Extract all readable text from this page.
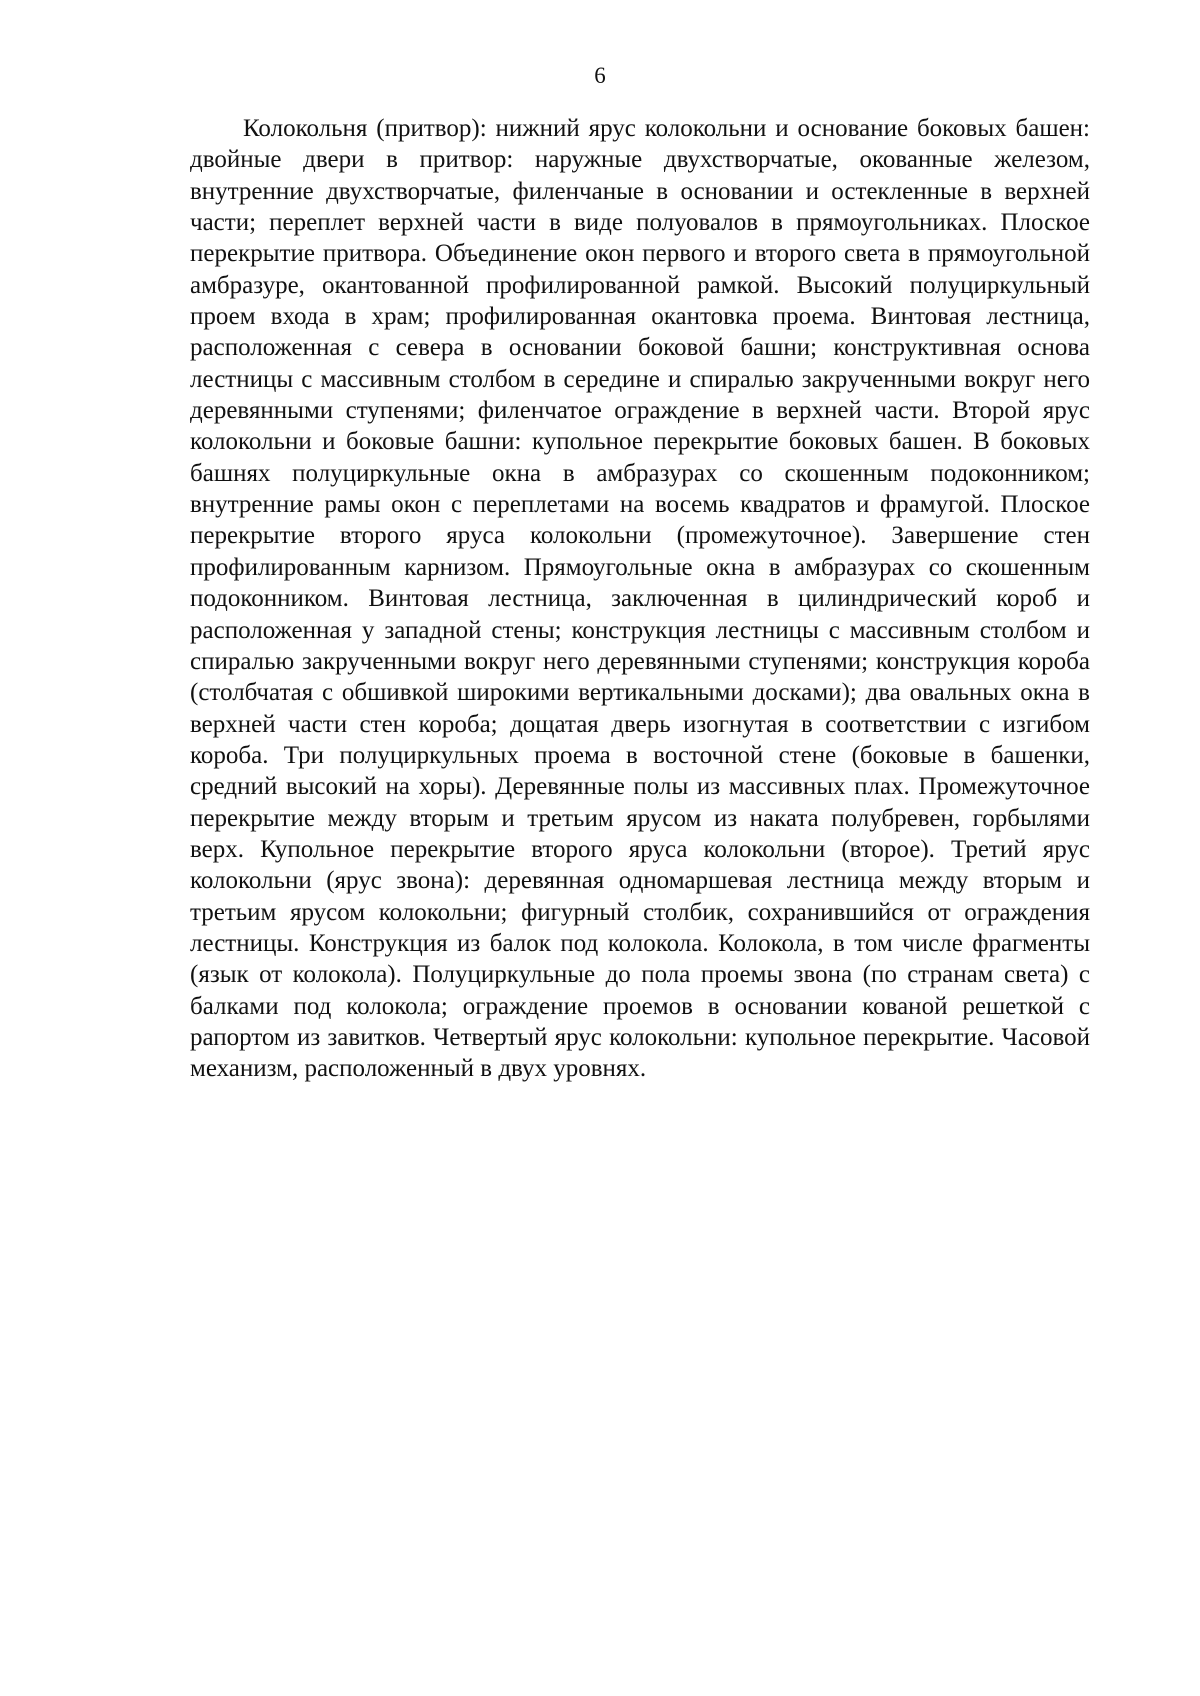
6

Колокольня (притвор): нижний ярус колокольни и основание боковых башен: двойные двери в притвор: наружные двухстворчатые, окованные железом, внутренние двухстворчатые, филенчаные в основании и остекленные в верхней части; переплет верхней части в виде полуовалов в прямоугольниках. Плоское перекрытие притвора. Объединение окон первого и второго света в прямоугольной амбразуре, окантованной профилированной рамкой. Высокий полуциркульный проем входа в храм; профилированная окантовка проема. Винтовая лестница, расположенная с севера в основании боковой башни; конструктивная основа лестницы с массивным столбом в середине и спиралью закрученными вокруг него деревянными ступенями; филенчатое ограждение в верхней части. Второй ярус колокольни и боковые башни: купольное перекрытие боковых башен. В боковых башнях полуциркульные окна в амбразурах со скошенным подоконником; внутренние рамы окон с переплетами на восемь квадратов и фрамугой. Плоское перекрытие второго яруса колокольни (промежуточное). Завершение стен профилированным карнизом. Прямоугольные окна в амбразурах со скошенным подоконником. Винтовая лестница, заключенная в цилиндрический короб и расположенная у западной стены; конструкция лестницы с массивным столбом и спиралью закрученными вокруг него деревянными ступенями; конструкция короба (столбчатая с обшивкой широкими вертикальными досками); два овальных окна в верхней части стен короба; дощатая дверь изогнутая в соответствии с изгибом короба. Три полуциркульных проема в восточной стене (боковые в башенки, средний высокий на хоры). Деревянные полы из массивных плах. Промежуточное перекрытие между вторым и третьим ярусом из наката полубревен, горбылями верх. Купольное перекрытие второго яруса колокольни (второе). Третий ярус колокольни (ярус звона): деревянная одномаршевая лестница между вторым и третьим ярусом колокольни; фигурный столбик, сохранившийся от ограждения лестницы. Конструкция из балок под колокола. Колокола, в том числе фрагменты (язык от колокола). Полуциркульные до пола проемы звона (по странам света) с балками под колокола; ограждение проемов в основании кованой решеткой с рапортом из завитков. Четвертый ярус колокольни: купольное перекрытие. Часовой механизм, расположенный в двух уровнях.
